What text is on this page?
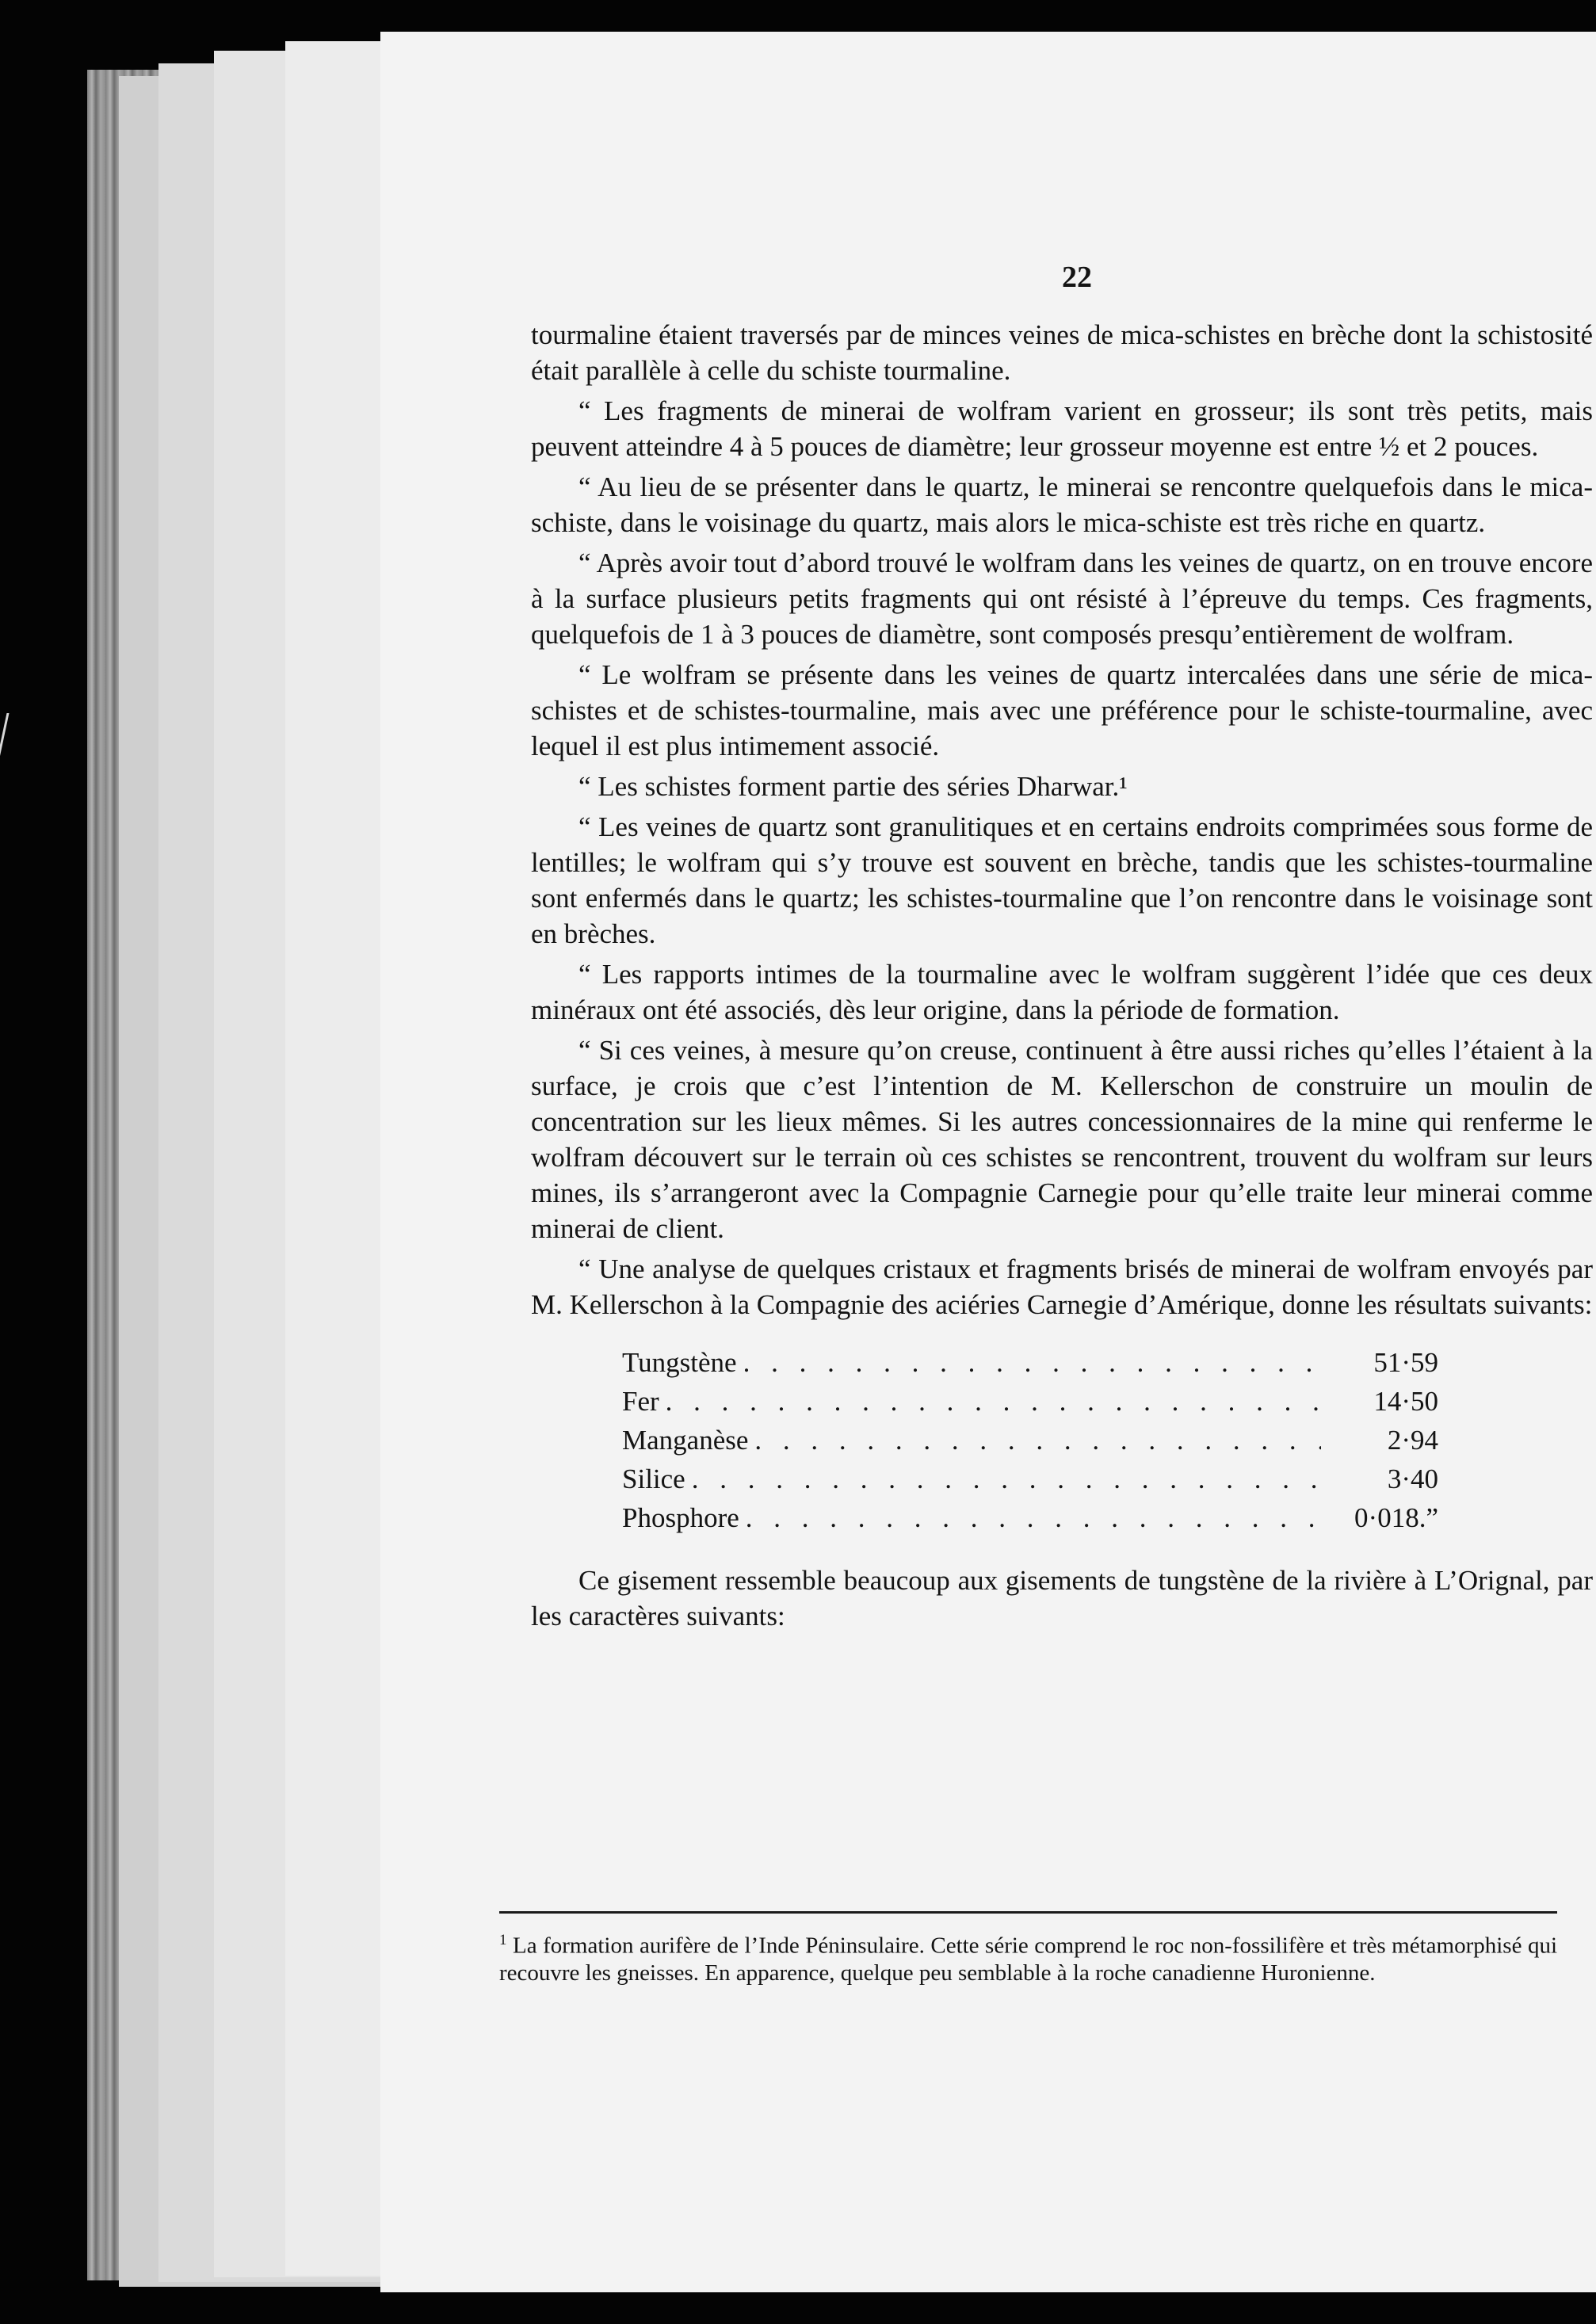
22

tourmaline étaient traversés par de minces veines de mica-schistes en brèche dont la schistosité était parallèle à celle du schiste tourmaline.

“ Les fragments de minerai de wolfram varient en grosseur; ils sont très petits, mais peuvent atteindre 4 à 5 pouces de diamètre; leur grosseur moyenne est entre ½ et 2 pouces.

“ Au lieu de se présenter dans le quartz, le minerai se rencontre quelquefois dans le mica-schiste, dans le voisinage du quartz, mais alors le mica-schiste est très riche en quartz.

“ Après avoir tout d’abord trouvé le wolfram dans les veines de quartz, on en trouve encore à la surface plusieurs petits fragments qui ont résisté à l’épreuve du temps. Ces fragments, quelquefois de 1 à 3 pouces de diamètre, sont composés presqu’entièrement de wolfram.

“ Le wolfram se présente dans les veines de quartz intercalées dans une série de mica-schistes et de schistes-tourmaline, mais avec une préférence pour le schiste-tourmaline, avec lequel il est plus intimement associé.

“ Les schistes forment partie des séries Dharwar.¹

“ Les veines de quartz sont granulitiques et en certains endroits comprimées sous forme de lentilles; le wolfram qui s’y trouve est souvent en brèche, tandis que les schistes-tourmaline sont enfermés dans le quartz; les schistes-tourmaline que l’on rencontre dans le voisinage sont en brèches.

“ Les rapports intimes de la tourmaline avec le wolfram suggèrent l’idée que ces deux minéraux ont été associés, dès leur origine, dans la période de formation.

“ Si ces veines, à mesure qu’on creuse, continuent à être aussi riches qu’elles l’étaient à la surface, je crois que c’est l’intention de M. Kellerschon de construire un moulin de concentration sur les lieux mêmes. Si les autres concessionnaires de la mine qui renferme le wolfram découvert sur le terrain où ces schistes se rencontrent, trouvent du wolfram sur leurs mines, ils s’arrangeront avec la Compagnie Carnegie pour qu’elle traite leur minerai comme minerai de client.

“ Une analyse de quelques cristaux et fragments brisés de minerai de wolfram envoyés par M. Kellerschon à la Compagnie des aciéries Carnegie d’Amérique, donne les résultats suivants:

Tungstène . . .	51·59
Fer . . .	14·50
Manganèse . . .	2·94
Silice . . .	3·40
Phosphore . . .	0·018.”

Ce gisement ressemble beaucoup aux gisements de tungstène de la rivière à L’Orignal, par les caractères suivants:

$^1$ La formation aurifère de l’Inde Péninsulaire. Cette série comprend le roc non-fossilifère et très métamorphisé qui recouvre les gneisses. En apparence, quelque peu semblable à la roche canadienne Huronienne.
